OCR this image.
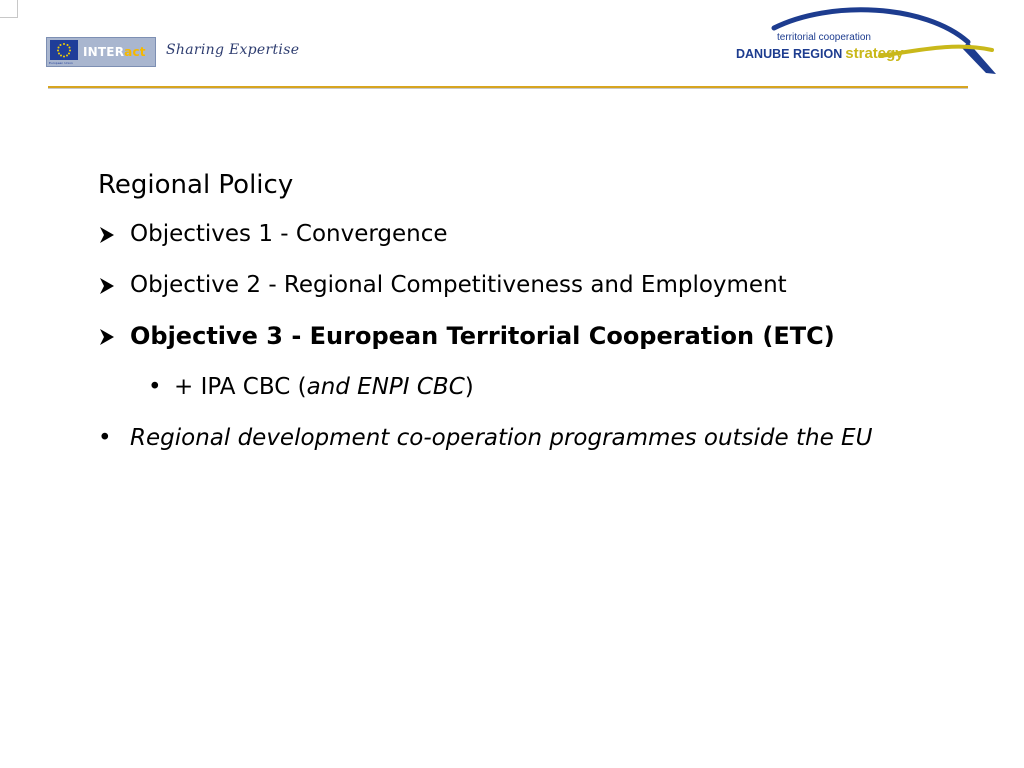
European Union
INTERact Sharing Expertise
territorial cooperation
DANUBE REGION strategy
Regional Policy
Objectives 1 - Convergence
Objective 2 - Regional Competitiveness and Employment
Objective 3 - European Territorial Cooperation (ETC)
• + IPA CBC (and ENPI CBC)
• Regional development co-operation programmes outside the EU
